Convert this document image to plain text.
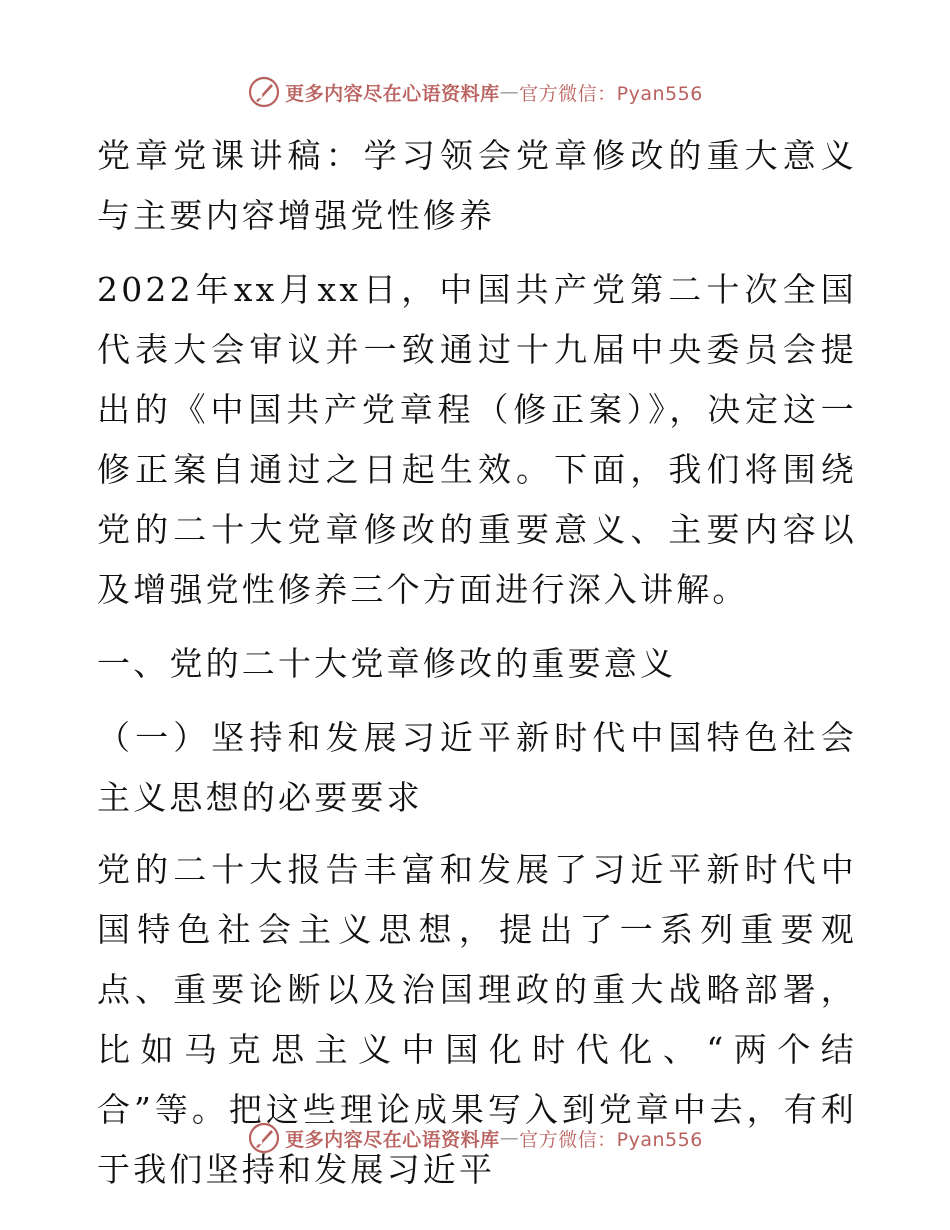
更多内容尽在心语资料库 — 官方微信：Pyan556

党章党课讲稿：学习领会党章修改的重大意义与主要内容增强党性修养

2022年xx月xx日，中国共产党第二十次全国代表大会审议并一致通过十九届中央委员会提出的《中国共产党章程（修正案）》，决定这一修正案自通过之日起生效。下面，我们将围绕党的二十大党章修改的重要意义、主要内容以及增强党性修养三个方面进行深入讲解。

一、党的二十大党章修改的重要意义

（一）坚持和发展习近平新时代中国特色社会主义思想的必要要求

党的二十大报告丰富和发展了习近平新时代中国特色社会主义思想，提出了一系列重要观点、重要论断以及治国理政的重大战略部署，比如马克思主义中国化时代化、“两个结合”等。把这些理论成果写入到党章中去，有利于我们坚持和发展习近平

更多内容尽在心语资料库 — 官方微信：Pyan556
